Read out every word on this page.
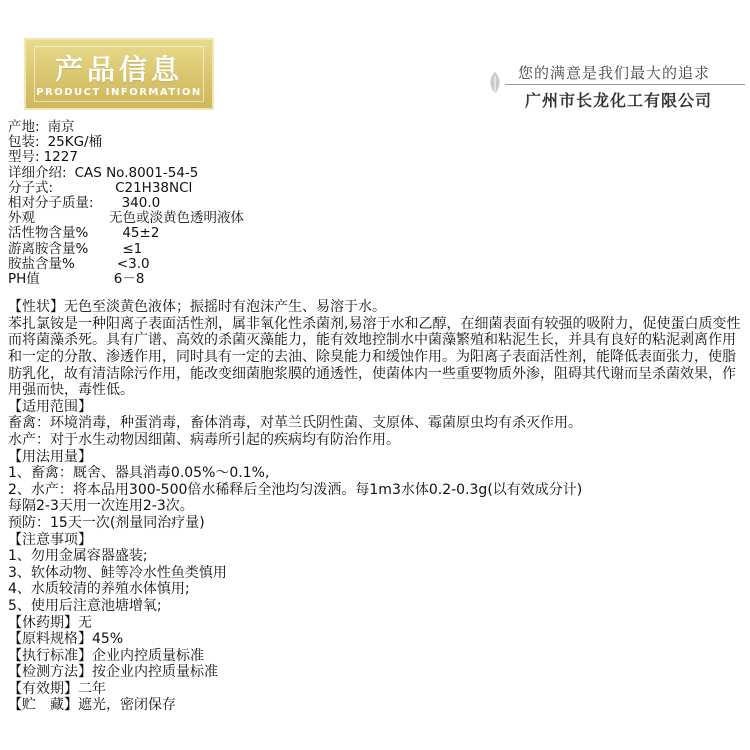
产品信息
PRODUCT INFORMATION
您的满意是我们最大的追求
广州市长龙化工有限公司
产地: 南京
包装: 25KG/桶
型号: 1227
详细介绍: CAS No.8001-54-5
分子式:	C21H38NCl
相对分子质量: 340.0
外观	无色或淡黄色透明液体
活性物含量%	45±2
游离胺含量%	≤1
胺盐含量%	<3.0
PH值	6－8
【性状】无色至淡黄色液体；振摇时有泡沫产生、易溶于水。
苯扎氯铵是一种阳离子表面活性剂，属非氧化性杀菌剂,易溶于水和乙醇，在细菌表面有较强的吸附力，促使蛋白质变性而将菌藻杀死。具有广谱、高效的杀菌灭藻能力，能有效地控制水中菌藻繁殖和粘泥生长，并具有良好的粘泥剥离作用和一定的分散、渗透作用，同时具有一定的去油、除臭能力和缓蚀作用。为阳离子表面活性剂，能降低表面张力，使脂肪乳化，故有清洁除污作用，能改变细菌胞浆膜的通透性，使菌体内一些重要物质外渗，阻碍其代谢而呈杀菌效果，作用强而快，毒性低。
【适用范围】
畜禽：环境消毒，种蛋消毒，畜体消毒，对革兰氏阴性菌、支原体、霉菌原虫均有杀灭作用。
水产：对于水生动物因细菌、病毒所引起的疾病均有防治作用。
【用法用量】
1、畜禽：厩舍、器具消毒0.05%～0.1%,
2、水产：将本品用300-500倍水稀释后全池均匀泼洒。每1m3水体0.2-0.3g(以有效成分计)
每隔2-3天用一次连用2-3次。
预防：15天一次(剂量同治疗量)
【注意事项】
1、勿用金属容器盛装;
3、软体动物、鲑等冷水性鱼类慎用
4、水质较清的养殖水体慎用;
5、使用后注意池塘增氧;
【休药期】无
【原料规格】45%
【执行标准】企业内控质量标准
【检测方法】按企业内控质量标准
【有效期】二年
【贮　藏】遮光，密闭保存
